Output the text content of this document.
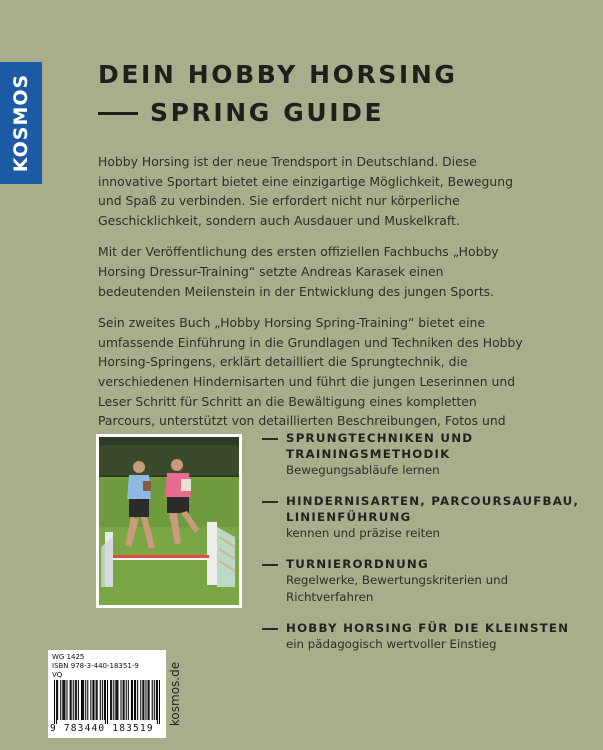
KOSMOS	DEIN HOBBY HORSING
SPRING GUIDE

Hobby Horsing ist der neue Trendsport in Deutschland. Diese innovative Sportart bietet eine einzigartige Möglichkeit, Bewegung und Spaß zu verbinden. Sie erfordert nicht nur körperliche Geschicklichkeit, sondern auch Ausdauer und Muskelkraft.

Mit der Veröffentlichung des ersten offiziellen Fachbuchs „Hobby Horsing Dressur-Training“ setzte Andreas Karasek einen bedeutenden Meilenstein in der Entwicklung des jungen Sports.

Sein zweites Buch „Hobby Horsing Spring-Training“ bietet eine umfassende Einführung in die Grundlagen und Techniken des Hobby Horsing-Springens, erklärt detailliert die Sprungtechnik, die verschiedenen Hindernisarten und führt die jungen Leserinnen und Leser Schritt für Schritt an die Bewältigung eines kompletten Parcours, unterstützt von detaillierten Beschreibungen, Fotos und

SPRUNGTECHNIKEN UND TRAININGSMETHODIK
Bewegungsabläufe lernen
HINDERNISARTEN, PARCOURSAUFBAU, LINIENFÜHRUNG
kennen und präzise reiten
TURNIERORDNUNG
Regelwerke, Bewertungskriterien und Richtverfahren
HOBBY HORSING FÜR DIE KLEINSTEN
ein pädagogisch wertvoller Einstieg
WG 1425
ISBN 978-3-440-18351-9
VQ
9 783440 183519
kosmos.de
